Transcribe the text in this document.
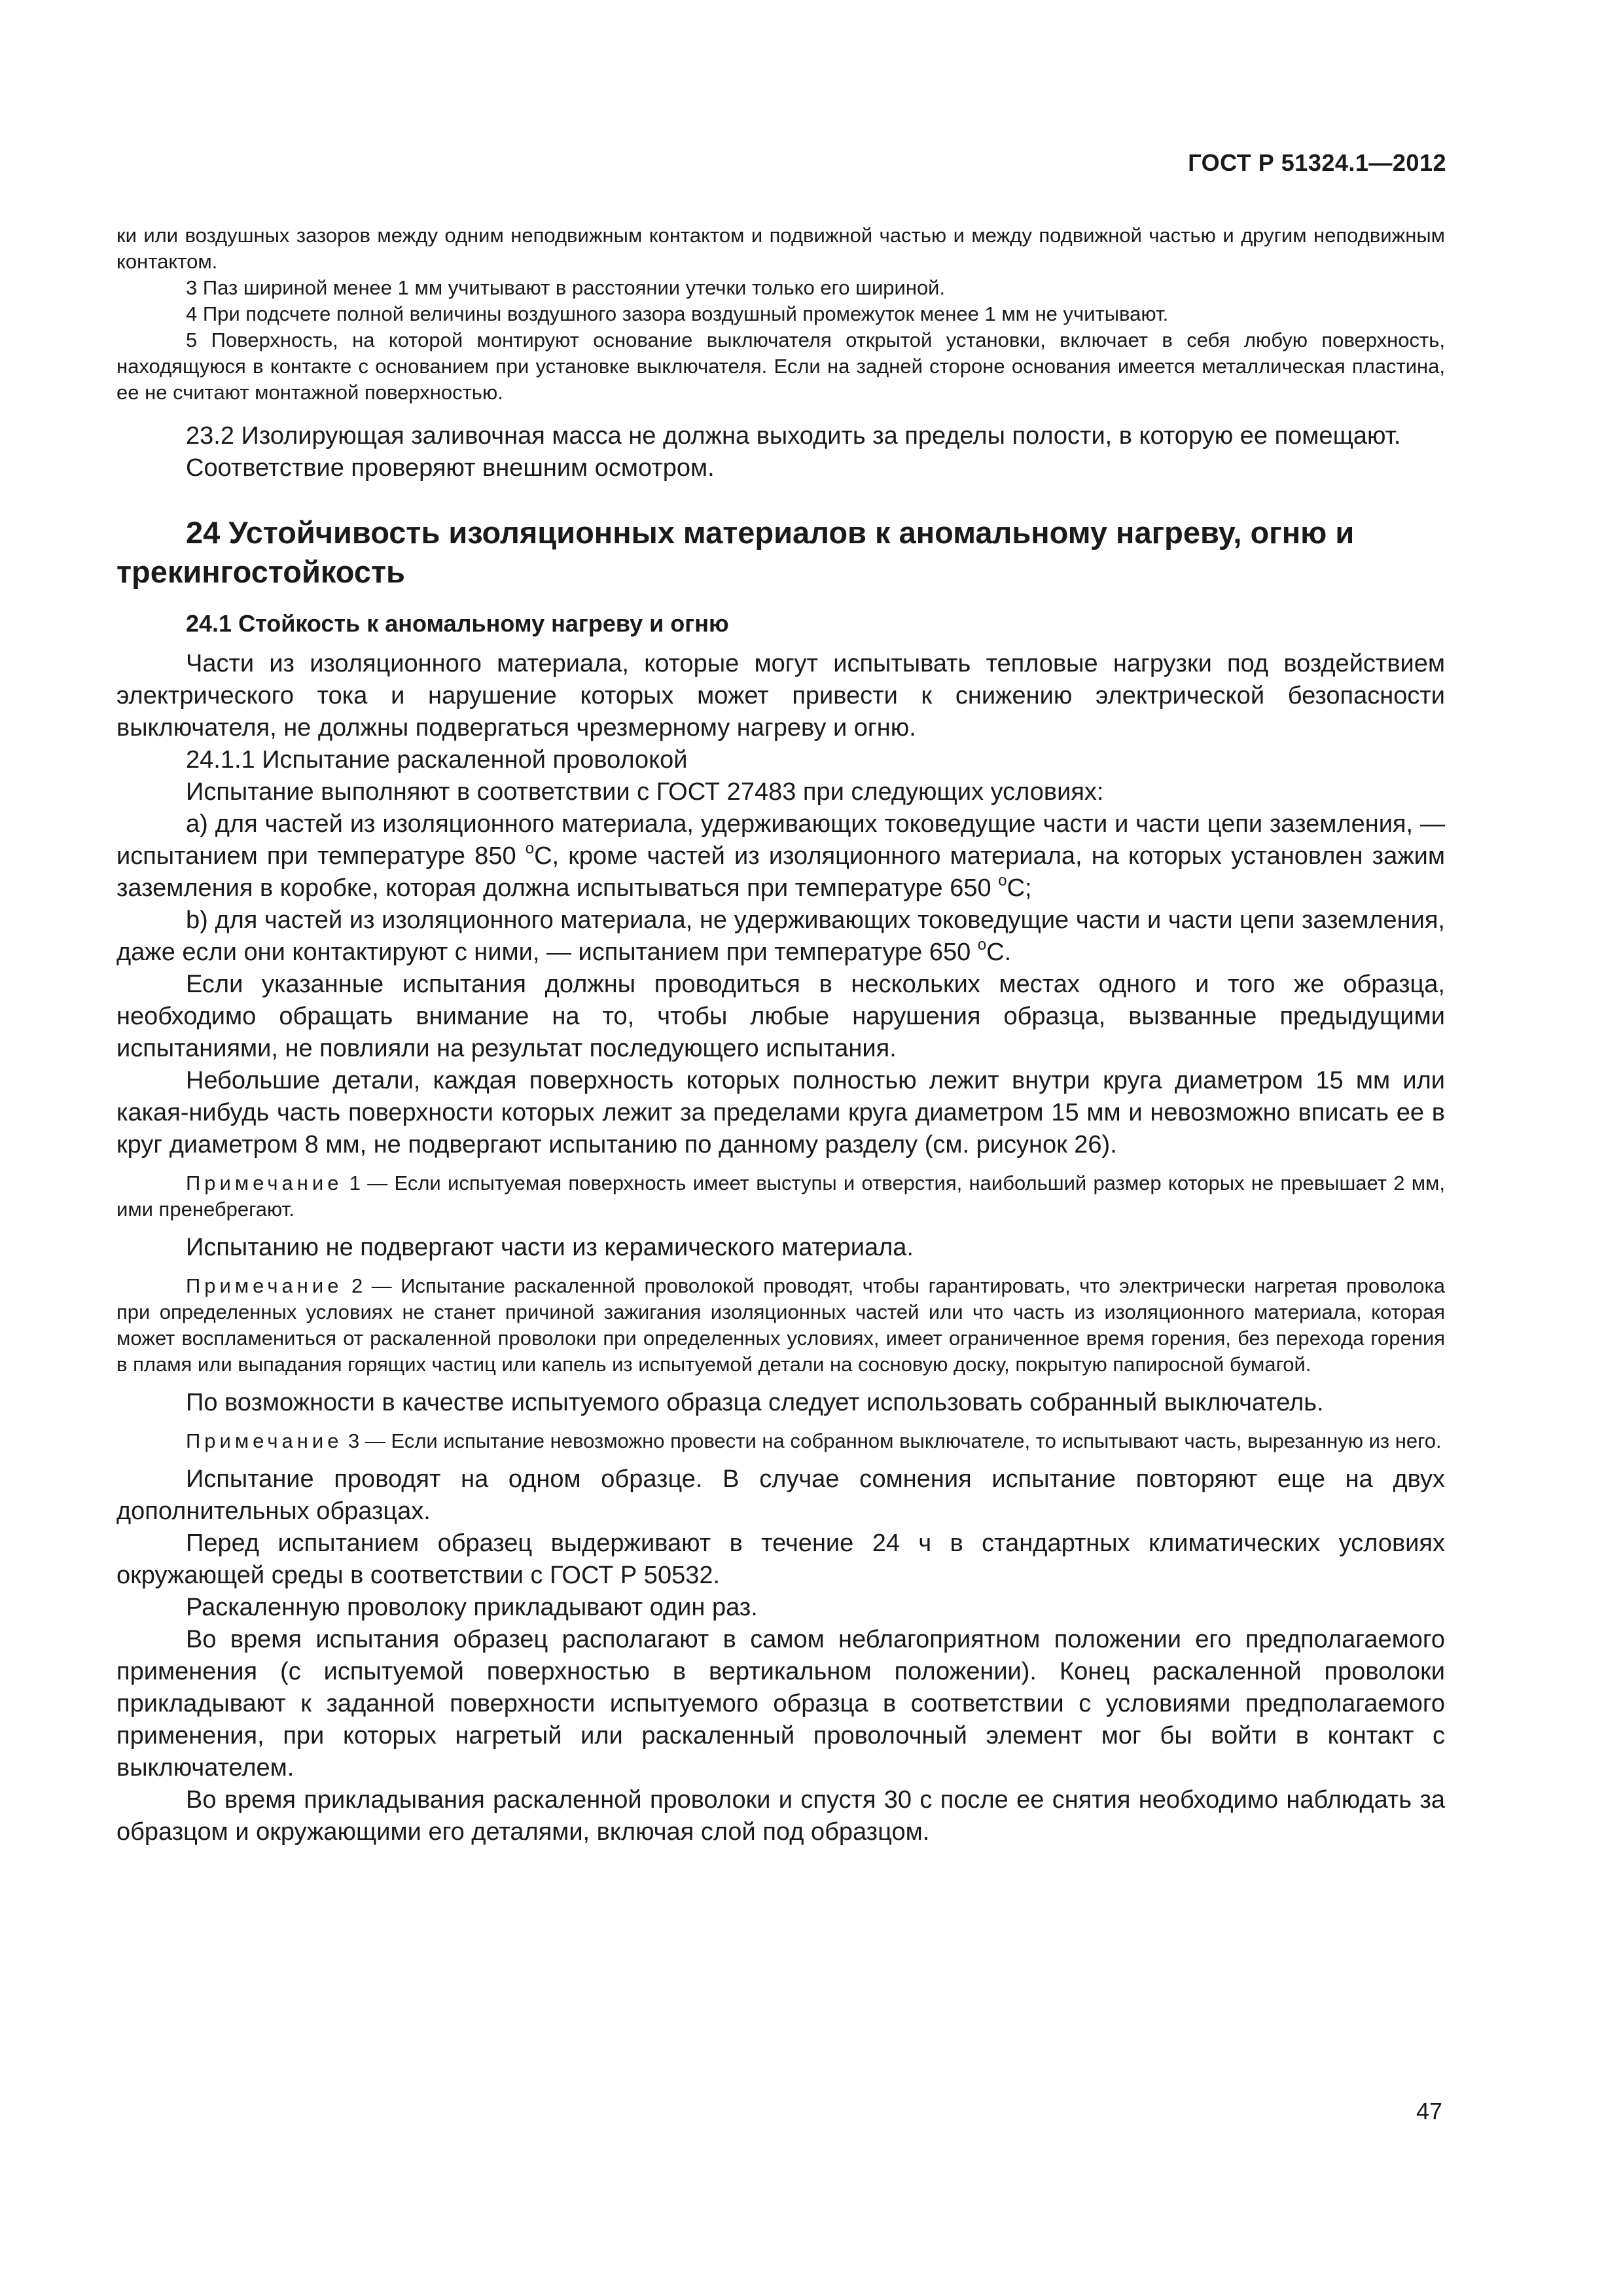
ГОСТ Р 51324.1—2012

ки или воздушных зазоров между одним неподвижным контактом и подвижной частью и между подвижной частью и другим неподвижным контактом.

3 Паз шириной менее 1 мм учитывают в расстоянии утечки только его шириной.

4 При подсчете полной величины воздушного зазора воздушный промежуток менее 1 мм не учитывают.

5 Поверхность, на которой монтируют основание выключателя открытой установки, включает в себя любую поверхность, находящуюся в контакте с основанием при установке выключателя. Если на задней стороне основания имеется металлическая пластина, ее не считают монтажной поверхностью.

23.2 Изолирующая заливочная масса не должна выходить за пределы полости, в которую ее помещают.

Соответствие проверяют внешним осмотром.

24 Устойчивость изоляционных материалов к аномальному нагреву, огню и трекингостойкость
24.1 Стойкость к аномальному нагреву и огню

Части из изоляционного материала, которые могут испытывать тепловые нагрузки под воздействием электрического тока и нарушение которых может привести к снижению электрической безопасности выключателя, не должны подвергаться чрезмерному нагреву и огню.

24.1.1 Испытание раскаленной проволокой

Испытание выполняют в соответствии с ГОСТ 27483 при следующих условиях:

a) для частей из изоляционного материала, удерживающих токоведущие части и части цепи заземления, — испытанием при температуре 850 $^о$С, кроме частей из изоляционного материала, на которых установлен зажим заземления в коробке, которая должна испытываться при температуре 650 $^о$С;

b) для частей из изоляционного материала, не удерживающих токоведущие части и части цепи заземления, даже если они контактируют с ними, — испытанием при температуре 650 $^о$С.

Если указанные испытания должны проводиться в нескольких местах одного и того же образца, необходимо обращать внимание на то, чтобы любые нарушения образца, вызванные предыдущими испытаниями, не повлияли на результат последующего испытания.

Небольшие детали, каждая поверхность которых полностью лежит внутри круга диаметром 15 мм или какая-нибудь часть поверхности которых лежит за пределами круга диаметром 15 мм и невозможно вписать ее в круг диаметром 8 мм, не подвергают испытанию по данному разделу (см. рисунок 26).

Примечание 1 — Если испытуемая поверхность имеет выступы и отверстия, наибольший размер которых не превышает 2 мм, ими пренебрегают.

Испытанию не подвергают части из керамического материала.

Примечание 2 — Испытание раскаленной проволокой проводят, чтобы гарантировать, что электрически нагретая проволока при определенных условиях не станет причиной зажигания изоляционных частей или что часть из изоляционного материала, которая может воспламениться от раскаленной проволоки при определенных условиях, имеет ограниченное время горения, без перехода горения в пламя или выпадания горящих частиц или капель из испытуемой детали на сосновую доску, покрытую папиросной бумагой.

По возможности в качестве испытуемого образца следует использовать собранный выключатель.

Примечание 3 — Если испытание невозможно провести на собранном выключателе, то испытывают часть, вырезанную из него.

Испытание проводят на одном образце. В случае сомнения испытание повторяют еще на двух дополнительных образцах.

Перед испытанием образец выдерживают в течение 24 ч в стандартных климатических условиях окружающей среды в соответствии с ГОСТ Р 50532.

Раскаленную проволоку прикладывают один раз.

Во время испытания образец располагают в самом неблагоприятном положении его предполагаемого применения (с испытуемой поверхностью в вертикальном положении). Конец раскаленной проволоки прикладывают к заданной поверхности испытуемого образца в соответствии с условиями предполагаемого применения, при которых нагретый или раскаленный проволочный элемент мог бы войти в контакт с выключателем.

Во время прикладывания раскаленной проволоки и спустя 30 с после ее снятия необходимо наблюдать за образцом и окружающими его деталями, включая слой под образцом.

47
